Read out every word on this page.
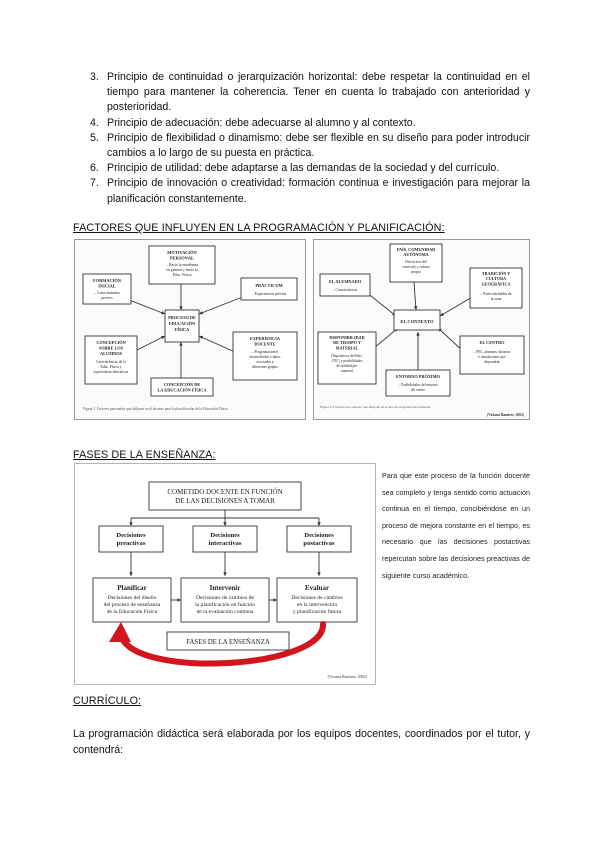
3. Principio de continuidad o jerarquización horizontal: debe respetar la continuidad en el tiempo para mantener la coherencia. Tener en cuenta lo trabajado con anterioridad y posterioridad.
4. Principio de adecuación: debe adecuarse al alumno y al contexto.
5. Principio de flexibilidad o dinamismo: debe ser flexible en su diseño para poder introducir cambios a lo largo de su puesta en práctica.
6. Principio de utilidad: debe adaptarse a las demandas de la sociedad y del currículo.
7. Principio de innovación o creatividad: formación continua e investigación para mejorar la planificación constantemente.
FACTORES QUE INFLUYEN EN LA PROGRAMACIÓN Y PLANIFICACIÓN:
PROCESO DE
EDUCACIÓN
FÍSICA
MOTIVACIÓN
PERSONAL
– Hacia la enseñanza
en general y hacia la
Educ. Física
FORMACIÓN
INICIAL
– Conocimientos
previos
PRÁCTICUM
– Experiencias previas
CONCEPCIÓN
SOBRE LOS
ALUMNOS
Características de la
Educ. Física y
expectativas educativas
EXPERIENCIA
DOCENTE
– Programaciones
desarrolladas y datos
asociados a
diferentes grupos
CONCEPCIÓN DE
LA EDUCACIÓN FÍSICA
Figura 3. Factores personales que influyen en el docente para la planificación de la Educación Física.
EL CONTEXTO
PAÍS, COMUNIDAD
AUTÓNOMA
Directrices del
currículo y cultura
propia
EL ALUMNADO
– Características
TRADICIÓN Y
CULTURA
GEOGRÁFICA
– Particularidades de
la zona
DISPONIBILIDAD
DE TIEMPO Y
MATERIAL
Dispositivos de Educ.
(TIC) y posibilidades
de utilidad por
material
EL CENTRO
– PEC, alumnos, horarios
e instalaciones que
dispondrán
ENTORNO PRÓXIMO
– Posibilidades del entorno
del centro
Figura 4. Factores del contexto que influyen en el tipo de programación realizada.
(Viciana Ramírez, 2002)
FASES DE LA ENSEÑANZA:
COMETIDO DOCENTE EN FUNCIÓN
DE LAS DECISIONES A TOMAR
Decisiones
preactivas
Decisiones
interactivas
Decisiones
postactivas
Planificar
Decisiones del diseño
del proceso de enseñanza
de la Educación Física
Intervenir
Decisiones de cambios de
la planificación en función
de la evaluación continua
Evaluar
Decisiones de cambios
en la intervención
y planificación futura
FASES DE LA ENSEÑANZA
(Viciana Ramírez, 2002)
Para que este proceso de la función docente sea completo y tenga sentido como actuación continua en el tiempo, concibiéndose en un proceso de mejora constante en el tiempo, es necesario que las decisiones postactivas repercutan sobre las decisiones preactivas de siguiente curso académico.
CURRÍCULO:
La programación didáctica será elaborada por los equipos docentes, coordinados por el tutor, y contendrá:
